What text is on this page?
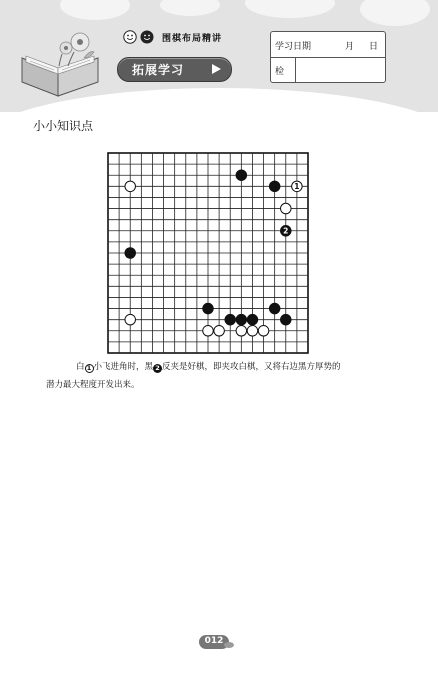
围棋布局精讲
拓展学习
学习日期	月 日
检
小小知识点
1
2
白 1 小飞进角时，黑 2 反夹是好棋，即夹攻白棋，又将右边黑方厚势的
潜力最大程度开发出来。
012
